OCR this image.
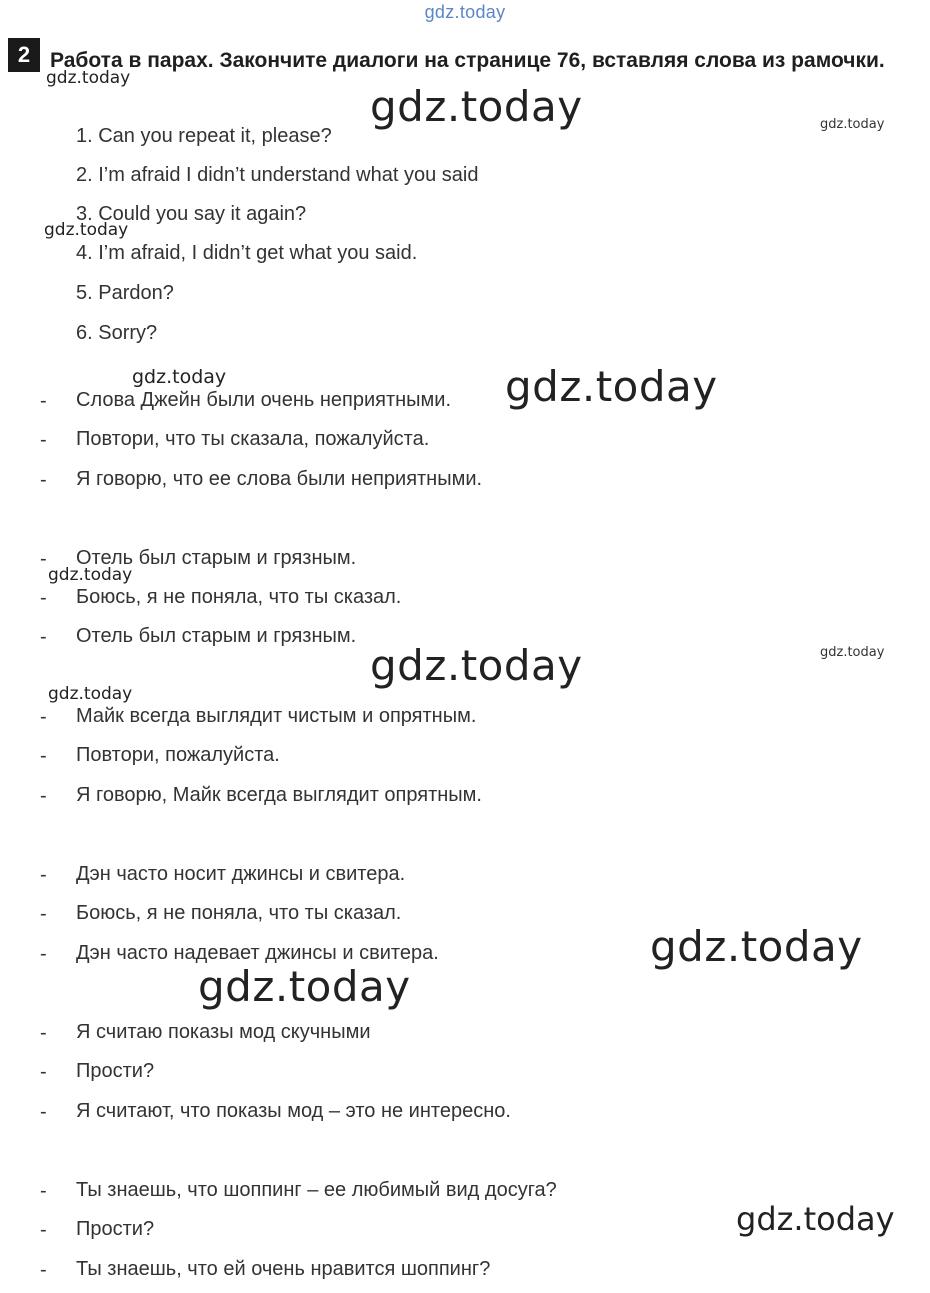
gdz.today
2 Работа в парах. Закончите диалоги на странице 76, вставляя слова из рамочки.
1. Can you repeat it, please?
2. I’m afraid I didn’t understand what you said
3. Could you say it again?
4. I’m afraid, I didn’t get what you said.
5. Pardon?
6. Sorry?
- Слова Джейн были очень неприятными.
- Повтори, что ты сказала, пожалуйста.
- Я говорю, что ее слова были неприятными.
- Отель был старым и грязным.
- Боюсь, я не поняла, что ты сказал.
- Отель был старым и грязным.
- Майк всегда выглядит чистым и опрятным.
- Повтори, пожалуйста.
- Я говорю, Майк всегда выглядит опрятным.
- Дэн часто носит джинсы и свитера.
- Боюсь, я не поняла, что ты сказал.
- Дэн часто надевает джинсы и свитера.
- Я считаю показы мод скучными
- Прости?
- Я считают, что показы мод – это не интересно.
- Ты знаешь, что шоппинг – ее любимый вид досуга?
- Прости?
- Ты знаешь, что ей очень нравится шоппинг?
gdz.today
gdz.today	gdz.today
gdz.today
gdz.today	gdz.today
gdz.today
gdz.today	gdz.today
gdz.today
gdz.today
gdz.today
gdz.today
